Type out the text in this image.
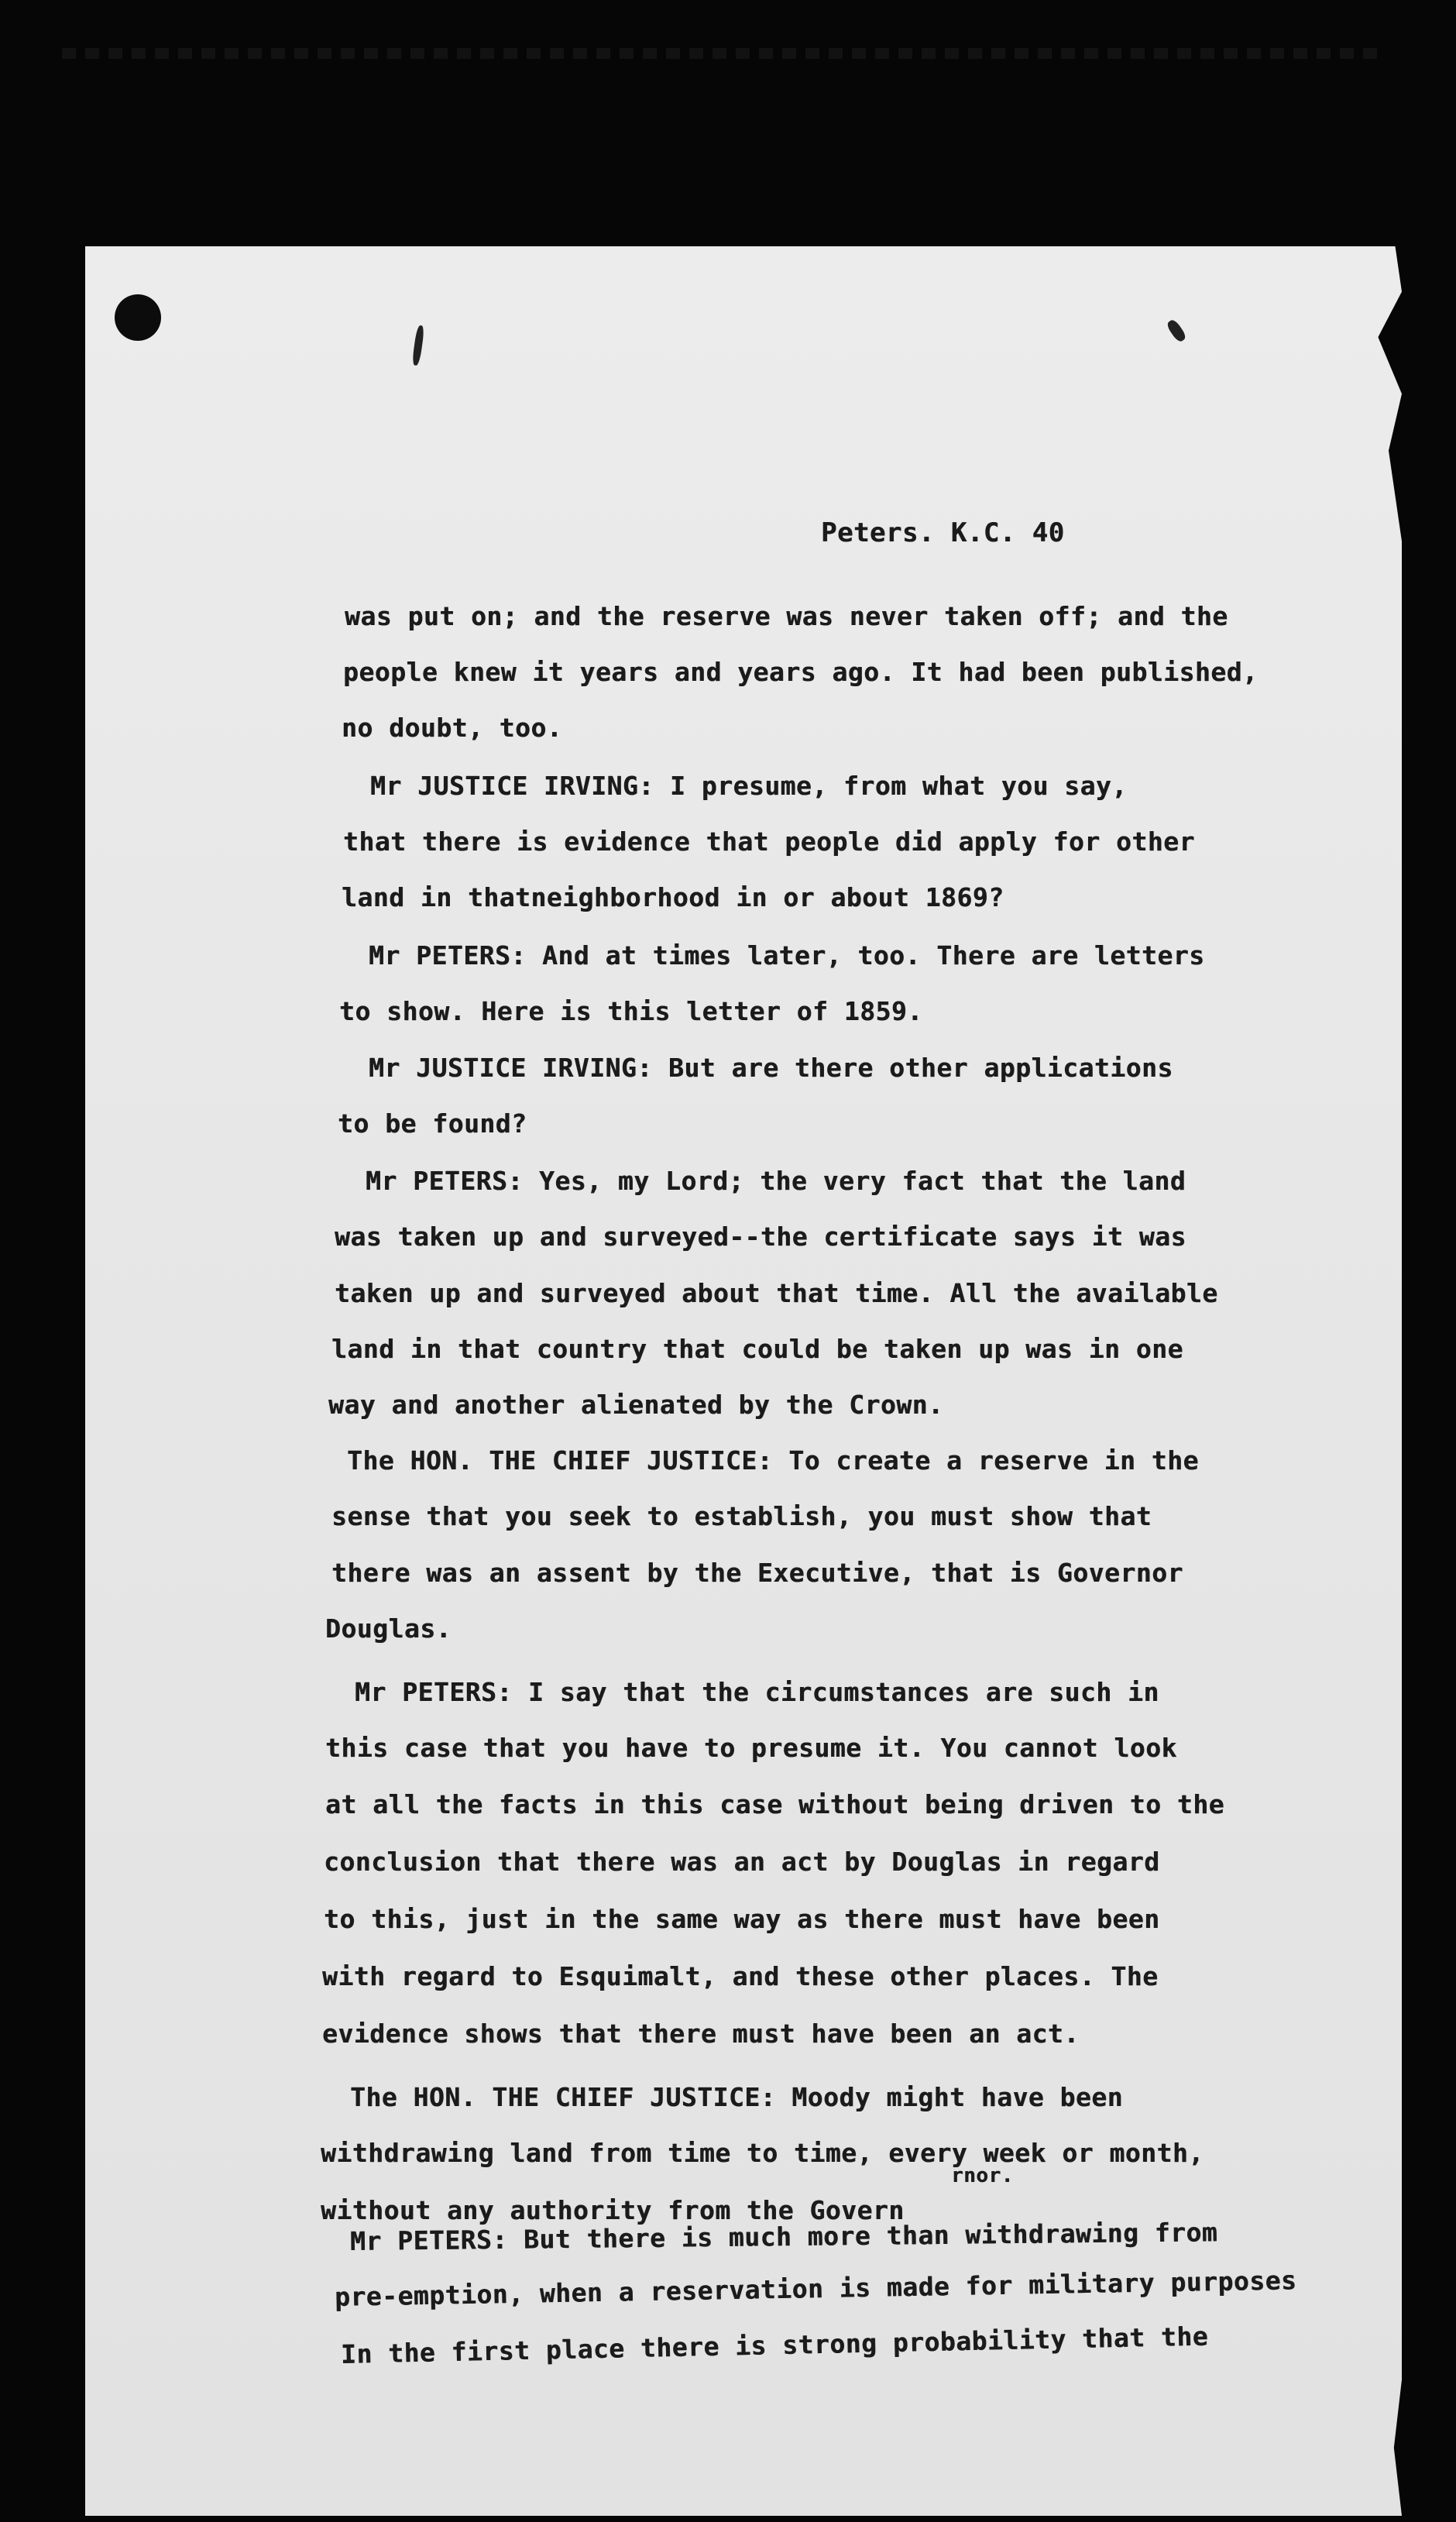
Peters. K.C. 40
was put on; and the reserve was never taken off; and the
people knew it years and years ago. It had been published,
no doubt, too.
Mr JUSTICE IRVING: I presume, from what you say,
that there is evidence that people did apply for other
land in thatneighborhood in or about 1869?
Mr PETERS: And at times later, too. There are letters
to show. Here is this letter of 1859.
Mr JUSTICE IRVING: But are there other applications
to be found?
Mr PETERS: Yes, my Lord; the very fact that the land
was taken up and surveyed--the certificate says it was
taken up and surveyed about that time. All the available
land in that country that could be taken up was in one
way and another alienated by the Crown.
The HON. THE CHIEF JUSTICE: To create a reserve in the
sense that you seek to establish, you must show that
there was an assent by the Executive, that is Governor
Douglas.
Mr PETERS: I say that the circumstances are such in
this case that you have to presume it. You cannot look
at all the facts in this case without being driven to the
conclusion that there was an act by Douglas in regard
to this, just in the same way as there must have been
with regard to Esquimalt, and these other places. The
evidence shows that there must have been an act.
The HON. THE CHIEF JUSTICE: Moody might have been
withdrawing land from time to time, every week or month,
rnor.
without any authority from the Govern
Mr PETERS: But there is much more than withdrawing from
pre-emption, when a reservation is made for military purposes
In the first place there is strong probability that the
